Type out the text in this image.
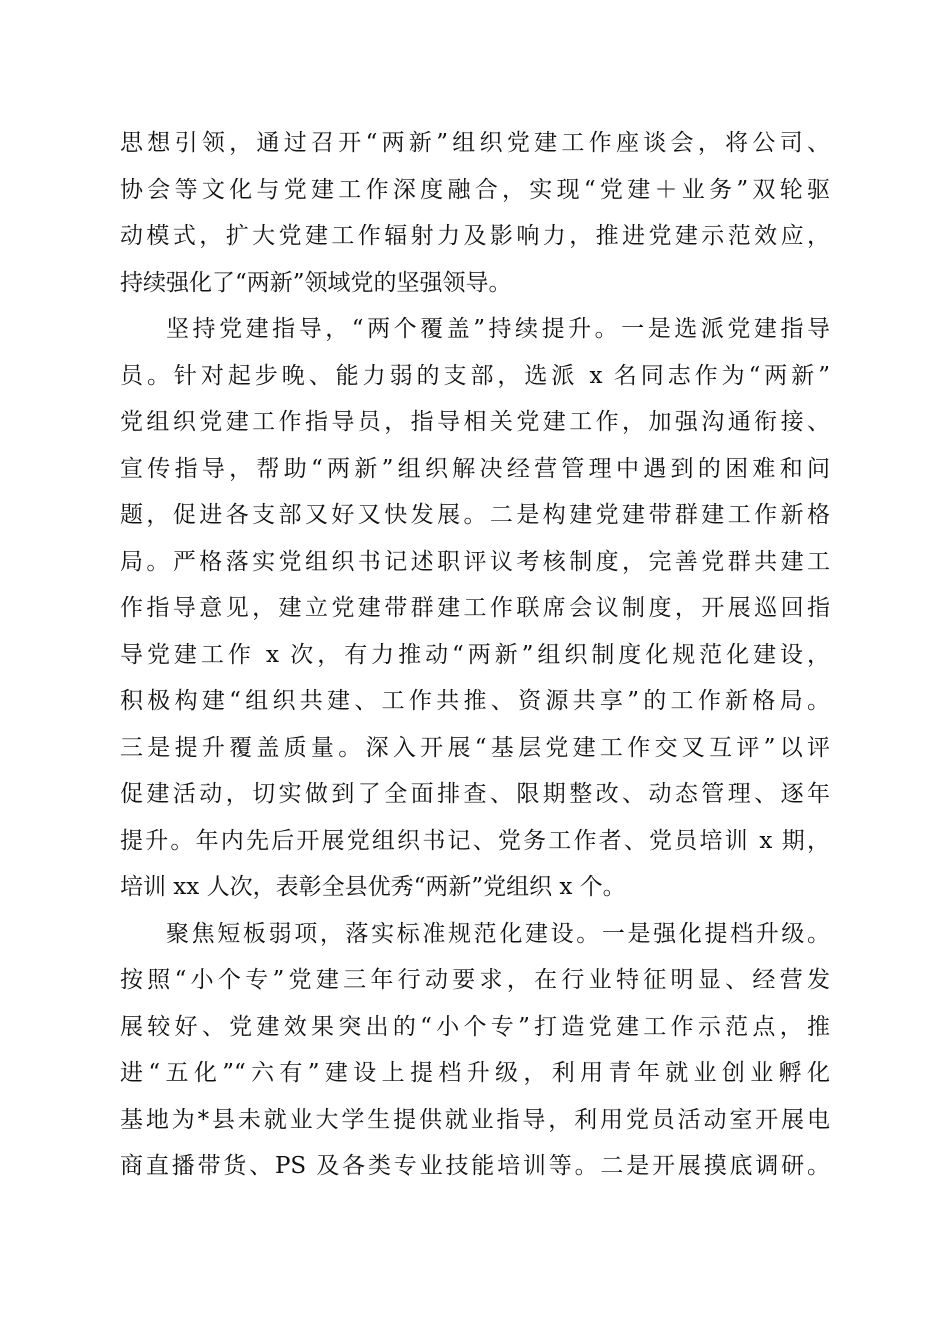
思想引领，通过召开“两新”组织党建工作座谈会，将公司、
协会等文化与党建工作深度融合，实现“党建＋业务”双轮驱
动模式，扩大党建工作辐射力及影响力，推进党建示范效应，
持续强化了“两新”领域党的坚强领导。
坚持党建指导，“两个覆盖”持续提升。一是选派党建指导
员。针对起步晚、能力弱的支部，选派 x 名同志作为“两新”
党组织党建工作指导员，指导相关党建工作，加强沟通衔接、
宣传指导，帮助“两新”组织解决经营管理中遇到的困难和问
题，促进各支部又好又快发展。二是构建党建带群建工作新格
局。严格落实党组织书记述职评议考核制度，完善党群共建工
作指导意见，建立党建带群建工作联席会议制度，开展巡回指
导党建工作 x 次，有力推动“两新”组织制度化规范化建设，
积极构建“组织共建、工作共推、资源共享”的工作新格局。
三是提升覆盖质量。深入开展“基层党建工作交叉互评”以评
促建活动，切实做到了全面排查、限期整改、动态管理、逐年
提升。年内先后开展党组织书记、党务工作者、党员培训 x 期，
培训 xx 人次，表彰全县优秀“两新”党组织 x 个。
聚焦短板弱项，落实标准规范化建设。一是强化提档升级。
按照“小个专”党建三年行动要求，在行业特征明显、经营发
展较好、党建效果突出的“小个专”打造党建工作示范点，推
进“五化”“六有”建设上提档升级，利用青年就业创业孵化
基地为*县未就业大学生提供就业指导，利用党员活动室开展电
商直播带货、PS 及各类专业技能培训等。二是开展摸底调研。
